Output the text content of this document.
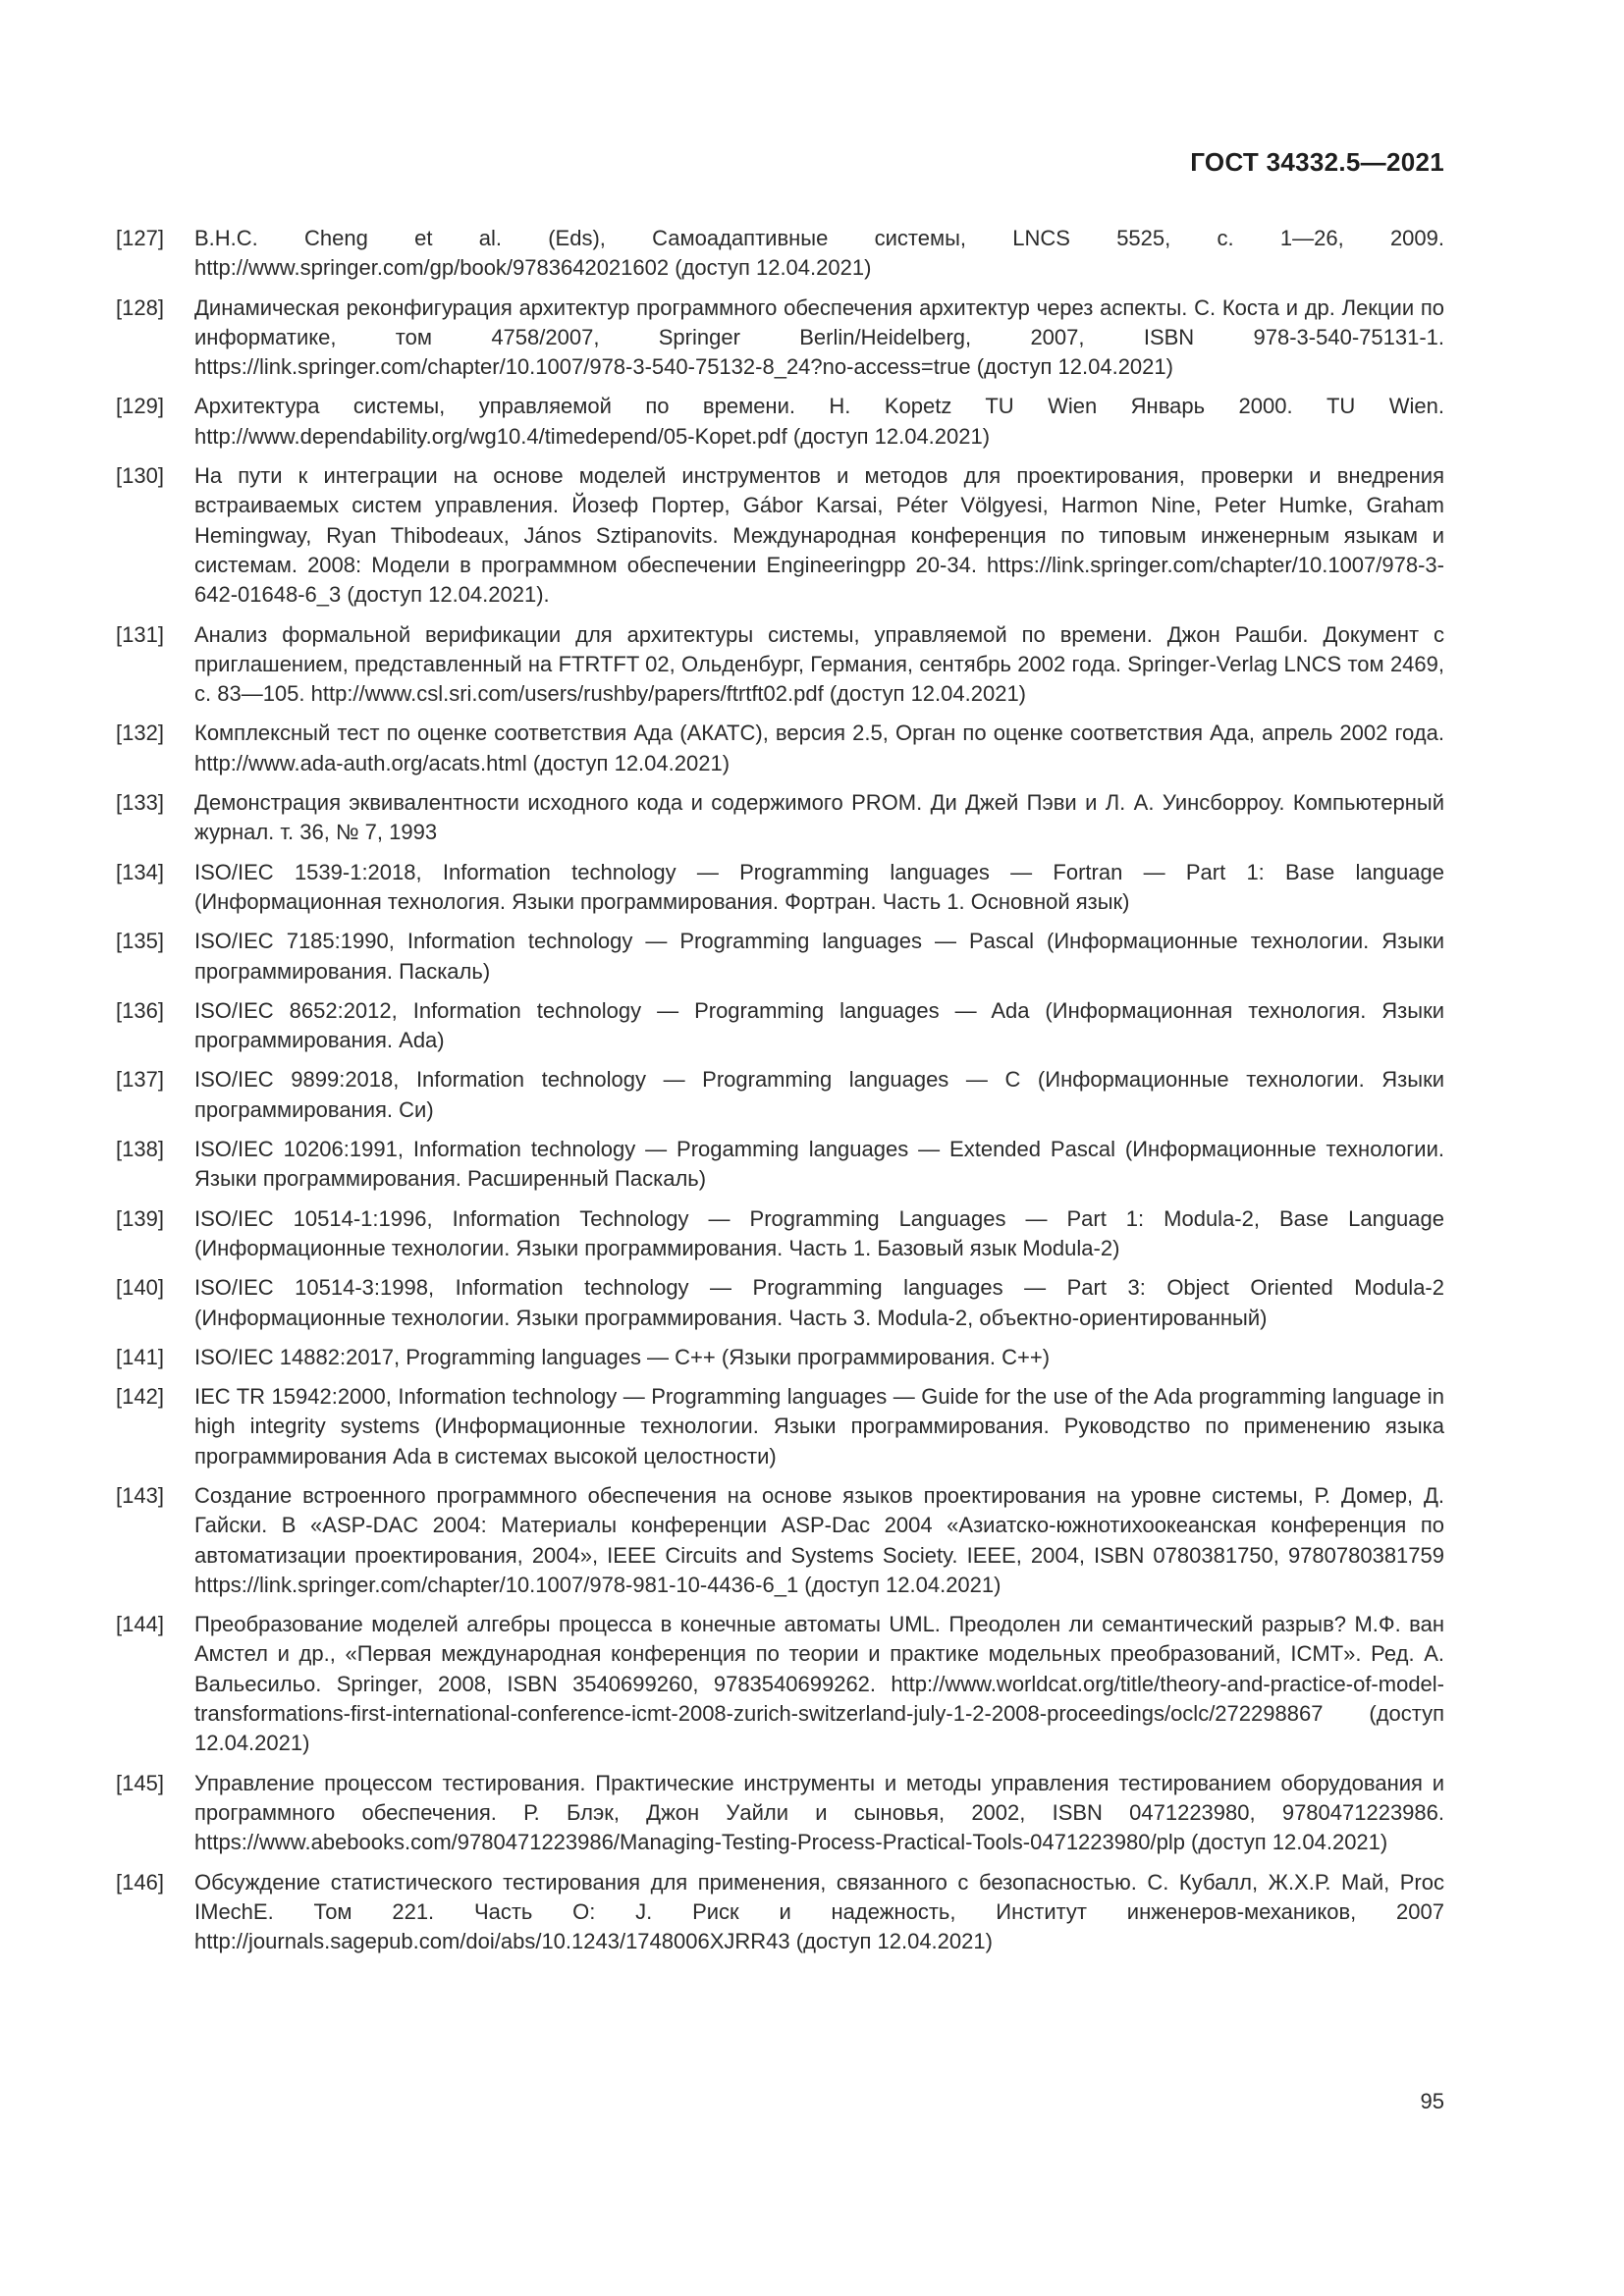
ГОСТ 34332.5—2021
[127]	B.H.C. Cheng et al. (Eds), Самоадаптивные системы, LNCS 5525, с. 1—26, 2009. http://www.springer.com/gp/book/9783642021602 (доступ 12.04.2021)
[128]	Динамическая реконфигурация архитектур программного обеспечения архитектур через аспекты. С. Коста и др. Лекции по информатике, том 4758/2007, Springer Berlin/Heidelberg, 2007, ISBN 978-3-540-75131-1. https://link.springer.com/chapter/10.1007/978-3-540-75132-8_24?no-access=true (доступ 12.04.2021)
[129]	Архитектура системы, управляемой по времени. H. Kopetz TU Wien Январь 2000. TU Wien. http://www.dependability.org/wg10.4/timedepend/05-Kopet.pdf (доступ 12.04.2021)
[130]	На пути к интеграции на основе моделей инструментов и методов для проектирования, проверки и внедрения встраиваемых систем управления. Йозеф Портер, Gábor Karsai, Péter Völgyesi, Harmon Nine, Peter Humke, Graham Hemingway, Ryan Thibodeaux, János Sztipanovits. Международная конференция по типовым инженерным языкам и системам. 2008: Модели в программном обеспечении Engineeringpp 20-34. https://link.springer.com/chapter/10.1007/978-3-642-01648-6_3 (доступ 12.04.2021).
[131]	Анализ формальной верификации для архитектуры системы, управляемой по времени. Джон Рашби. Документ с приглашением, представленный на FTRTFT 02, Ольденбург, Германия, сентябрь 2002 года. Springer-Verlag LNCS том 2469, с. 83—105. http://www.csl.sri.com/users/rushby/papers/ftrtft02.pdf (доступ 12.04.2021)
[132]	Комплексный тест по оценке соответствия Ада (АКАТС), версия 2.5, Орган по оценке соответствия Ада, апрель 2002 года. http://www.ada-auth.org/acats.html (доступ 12.04.2021)
[133]	Демонстрация эквивалентности исходного кода и содержимого PROM. Ди Джей Пэви и Л. А. Уинсборроу. Компьютерный журнал. т. 36, № 7, 1993
[134]	ISO/IEC 1539-1:2018, Information technology — Programming languages — Fortran — Part 1: Base language (Информационная технология. Языки программирования. Фортран. Часть 1. Основной язык)
[135]	ISO/IEC 7185:1990, Information technology — Programming languages — Pascal (Информационные технологии. Языки программирования. Паскаль)
[136]	ISO/IEC 8652:2012, Information technology — Programming languages — Ada (Информационная технология. Языки программирования. Ada)
[137]	ISO/IEC 9899:2018, Information technology — Programming languages — C (Информационные технологии. Языки программирования. Си)
[138]	ISO/IEC 10206:1991, Information technology — Progamming languages — Extended Pascal (Информационные технологии. Языки программирования. Расширенный Паскаль)
[139]	ISO/IEC 10514-1:1996, Information Technology — Programming Languages — Part 1: Modula-2, Base Language (Информационные технологии. Языки программирования. Часть 1. Базовый язык Modula-2)
[140]	ISO/IEC 10514-3:1998, Information technology — Programming languages — Part 3: Object Oriented Modula-2 (Информационные технологии. Языки программирования. Часть 3. Modula-2, объектно-ориентированный)
[141]	ISO/IEC 14882:2017, Programming languages — C++ (Языки программирования. C++)
[142]	IEC TR 15942:2000, Information technology — Programming languages — Guide for the use of the Ada programming language in high integrity systems (Информационные технологии. Языки программирования. Руководство по применению языка программирования Ada в системах высокой целостности)
[143]	Создание встроенного программного обеспечения на основе языков проектирования на уровне системы, Р. Домер, Д. Гайски. В «ASP-DAC 2004: Материалы конференции ASP-Dac 2004 «Азиатско-южнотихоокеанская конференция по автоматизации проектирования, 2004», IEEE Circuits and Systems Society. IEEE, 2004, ISBN 0780381750, 9780780381759 https://link.springer.com/chapter/10.1007/978-981-10-4436-6_1 (доступ 12.04.2021)
[144]	Преобразование моделей алгебры процесса в конечные автоматы UML. Преодолен ли семантический разрыв? М.Ф. ван Амстел и др., «Первая международная конференция по теории и практике модельных преобразований, ICMT». Ред. А. Вальесильо. Springer, 2008, ISBN 3540699260, 9783540699262. http://www.worldcat.org/title/theory-and-practice-of-model-transformations-first-international-conference-icmt-2008-zurich-switzerland-july-1-2-2008-proceedings/oclc/272298867 (доступ 12.04.2021)
[145]	Управление процессом тестирования. Практические инструменты и методы управления тестированием оборудования и программного обеспечения. Р. Блэк, Джон Уайли и сыновья, 2002, ISBN 0471223980, 9780471223986. https://www.abebooks.com/9780471223986/Managing-Testing-Process-Practical-Tools-0471223980/plp (доступ 12.04.2021)
[146]	Обсуждение статистического тестирования для применения, связанного с безопасностью. С. Кубалл, Ж.Х.Р. Май, Proc IMechE. Том 221. Часть О: J. Риск и надежность, Институт инженеров-механиков, 2007 http://journals.sagepub.com/doi/abs/10.1243/1748006XJRR43 (доступ 12.04.2021)
95
